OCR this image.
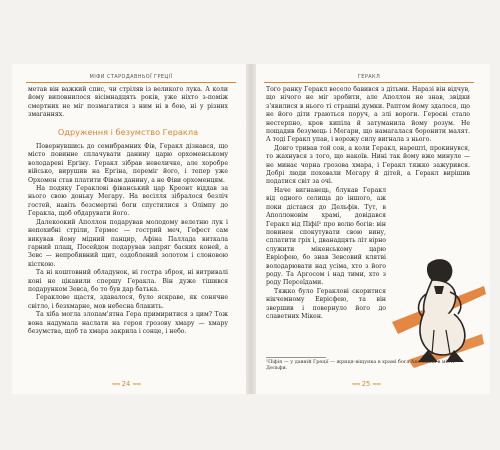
МІФИ СТАРОДАВНЬОЇ ГРЕЦІЇ	ГЕРАКЛ

метав він важкий спис, чи стріляв із великого лука. А коли йому виповнилося вісімнадцять років, уже ніхто з-поміж смертних не міг позмагатися з ним ні в бою, ні у різних змаганнях.

Одруження і безумство Геракла

Повернувшись до семибрамних Фів, Геракл дізнався, що місто повинне сплачувати данину царю орхоменському володареві Ергіну. Геракл зібрав невеличке, але хоробре військо, вирушив на Ергіна, переміг його, і тепер уже Орхомен став платити Фівам данину, а не Фіви орхоменцям.

На подяку Гераклові фіванський цар Креонт віддав за нього свою доньку Мегару. На весілля зібралося безліч гостей, навіть безсмертні боги спустилися з Олімпу до Геракла, щоб обдарувати його.

Далекоокий Аполлон подарував молодому велетню лук і непохибні стріли, Гермес — гострий меч, Гефест сам викував йому мідний панцир, Афіна Паллада виткала гарний плащ, Посейдон подарував запряг баских коней, а Зевс — непробивний щит, оздоблений золотом і слоновою кісткою.

Та ні коштовний обладунок, ні гостра зброя, ні витривалі коні не цікавили спершу Геракла. Він дуже тішився подарунком Зевса, бо то був дар батька.

Гераклове щастя, здавалося, було яскраве, як сонячне світло, і безхмарне, мов небесна блакить.

Та хіба могла злопам'ятна Гера примиритися з цим? Тож вона надумала наслати на героя грозову хмару — хмару безумства, щоб та хмара закрила і сонце, і небо.

Того ранку Геракл весело бавився з дітьми. Наразі він відчув, що нічого не міг зробити, але Аполлон не знав, звідки з'явилися в нього ті страшні думки. Раптом йому здалося, що не його діти граються поруч, а злі вороги. Героєві стало нестерпно, кров кипіла й затуманила йому розум. Не пощадив безумець і Мегари, що намагалася боронити малят. А тоді Геракл упав, і ворожу силу вигнала з нього.

Довго тривав той сон, а коли Геракл, нарешті, прокинувся, то жахнувся з того, що накоїв. Нині так йому вже минуле — не минає чорна грозова хмара, і Геракл тяжко зажурився. Добрі люди поховали Мегару й дітей, а Геракл вирішив податися світ за очі.

Наче вигнанець, блукав Геракл від одного селища до іншого, аж поки дістався до Дельфів. Тут, в Аполлоновім храмі, довідався Геракл від Піфії¹ про волю богів: він повинен спокутувати свою вину, сплатити гріх і, дванадцять літ вірно служити мікенському царю Еврісфею, бо знав Зевсовий клятві володарювати над усіма, хто з його роду. Та Аргосом і над тими, хто з роду Персеїдами.

Тяжко було Гераклові скоритися нікчемному Еврісфею, та він звершив і повернуло його до славетних Мікен.

¹Піфія — у давній Греції — жриця-віщунка в храмі бога Аполлона в місті Дельфи.
≈≈ 24 ≈≈	≈≈ 25 ≈≈
